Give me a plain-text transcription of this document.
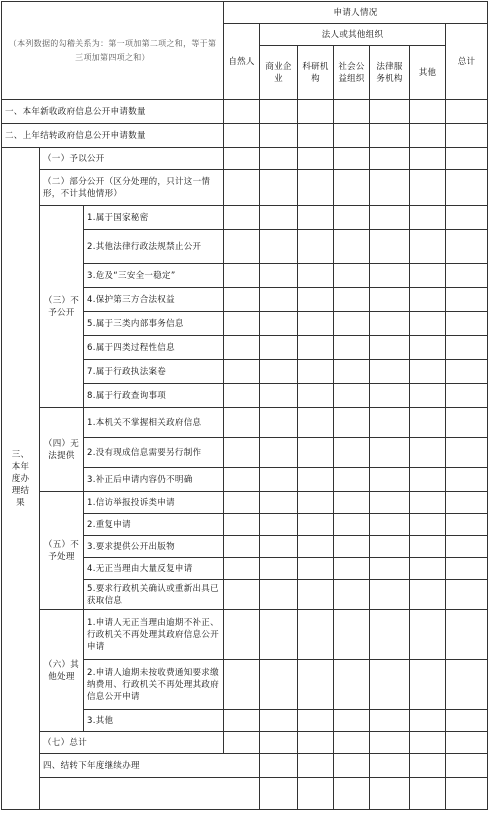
（本列数据的勾稽关系为：第一项加第二项之和，等于第三项加第四项之和）			申请人情况							
			自然人	法人或其他组织					总计	
				商业企业	科研机构	社会公益组织	法律服务机构	其他		
一、本年新收政府信息公开申请数量										
二、上年结转政府信息公开申请数量										
三、本年度办理结果	（一）予以公开									
	（二）部分公开（区分处理的，只计这一情形，不计其他情形）									
	（三）不予公开	1.属于国家秘密								
		2.其他法律行政法规禁止公开								
		3.危及“三安全一稳定”								
		4.保护第三方合法权益								
		5.属于三类内部事务信息								
		6.属于四类过程性信息								
		7.属于行政执法案卷								
		8.属于行政查询事项								
	（四）无法提供	1.本机关不掌握相关政府信息								
		2.没有现成信息需要另行制作								
		3.补正后申请内容仍不明确								
	（五）不予处理	1.信访举报投诉类申请								
		2.重复申请								
		3.要求提供公开出版物								
		4.无正当理由大量反复申请								
		5.要求行政机关确认或重新出具已获取信息								
	（六）其他处理	1.申请人无正当理由逾期不补正、行政机关不再处理其政府信息公开申请								
		2.申请人逾期未按收费通知要求缴纳费用、行政机关不再处理其政府信息公开申请								
		3.其他								
	（七）总计									
	四、结转下年度继续办理									
